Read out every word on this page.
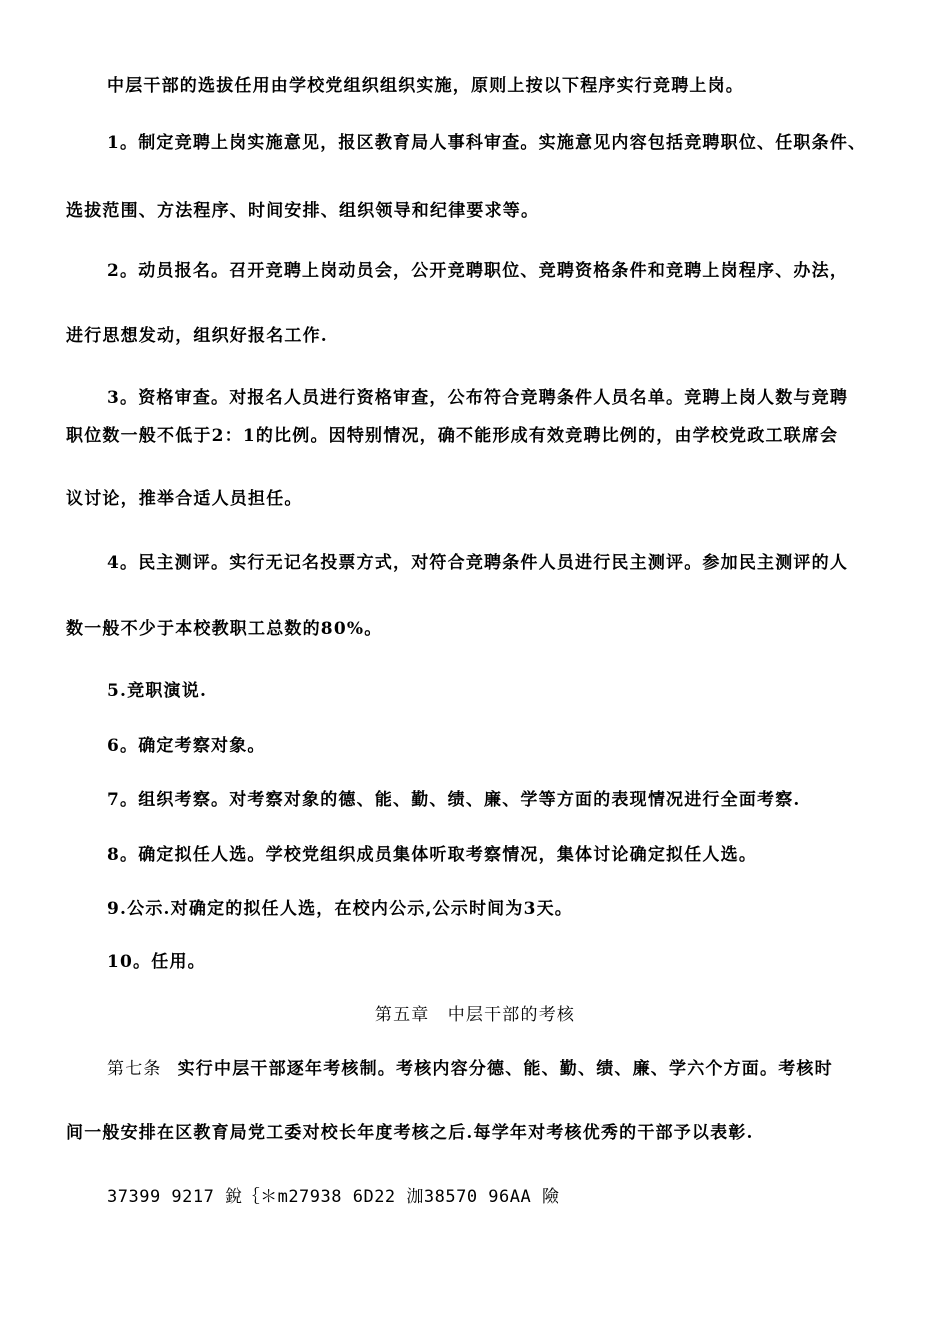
中层干部的选拔任用由学校党组织组织实施，原则上按以下程序实行竞聘上岗。
1。制定竞聘上岗实施意见，报区教育局人事科审查。实施意见内容包括竞聘职位、任职条件、
选拔范围、方法程序、时间安排、组织领导和纪律要求等。
2。动员报名。召开竞聘上岗动员会，公开竞聘职位、竞聘资格条件和竞聘上岗程序、办法，
进行思想发动，组织好报名工作.
3。资格审查。对报名人员进行资格审查，公布符合竞聘条件人员名单。竞聘上岗人数与竞聘
职位数一般不低于2：1的比例。因特别情况，确不能形成有效竞聘比例的，由学校党政工联席会
议讨论，推举合适人员担任。
4。民主测评。实行无记名投票方式，对符合竞聘条件人员进行民主测评。参加民主测评的人
数一般不少于本校教职工总数的80%。
5.竞职演说.
6。确定考察对象。
7。组织考察。对考察对象的德、能、勤、绩、廉、学等方面的表现情况进行全面考察.
8。确定拟任人选。学校党组织成员集体听取考察情况，集体讨论确定拟任人选。
9.公示.对确定的拟任人选，在校内公示,公示时间为3天。
10。任用。
第五章　中层干部的考核
第七条 实行中层干部逐年考核制。考核内容分德、能、勤、绩、廉、学六个方面。考核时
间一般安排在区教育局党工委对校长年度考核之后.每学年对考核优秀的干部予以表彰.
37399 9217 銳｛＊m27938 6D22 泇38570 96AA 險
